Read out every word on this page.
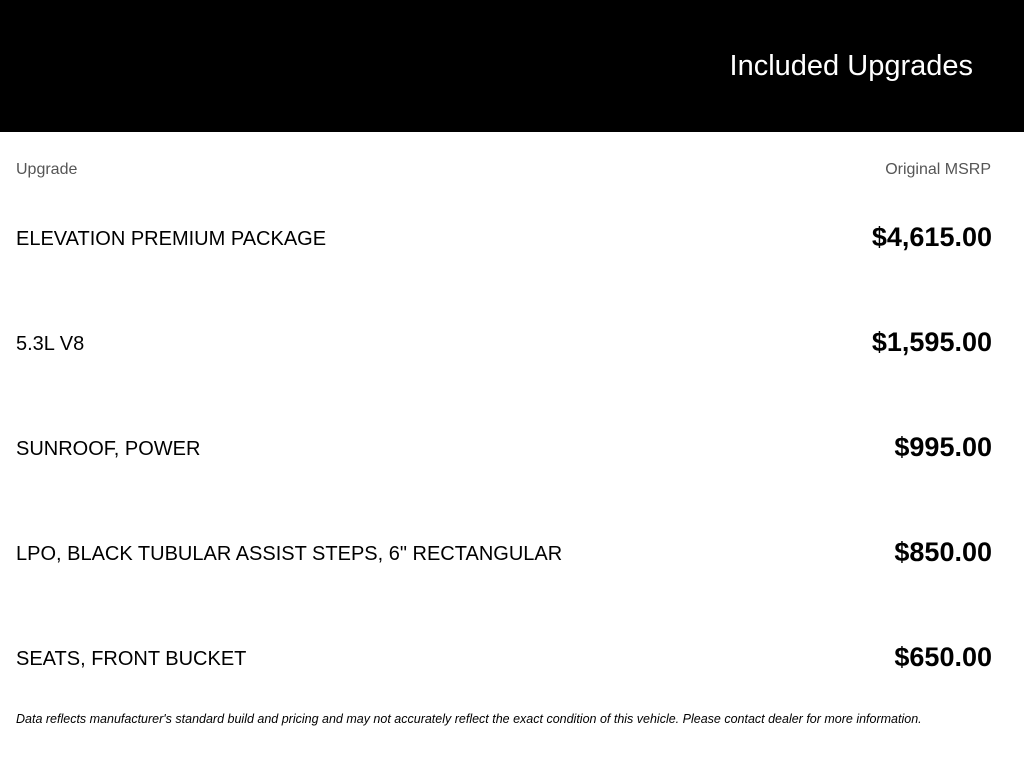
Included Upgrades
Upgrade	Original MSRP
ELEVATION PREMIUM PACKAGE	$4,615.00
5.3L V8	$1,595.00
SUNROOF, POWER	$995.00
LPO, BLACK TUBULAR ASSIST STEPS, 6" RECTANGULAR	$850.00
SEATS, FRONT BUCKET	$650.00
Data reflects manufacturer's standard build and pricing and may not accurately reflect the exact condition of this vehicle. Please contact dealer for more information.
